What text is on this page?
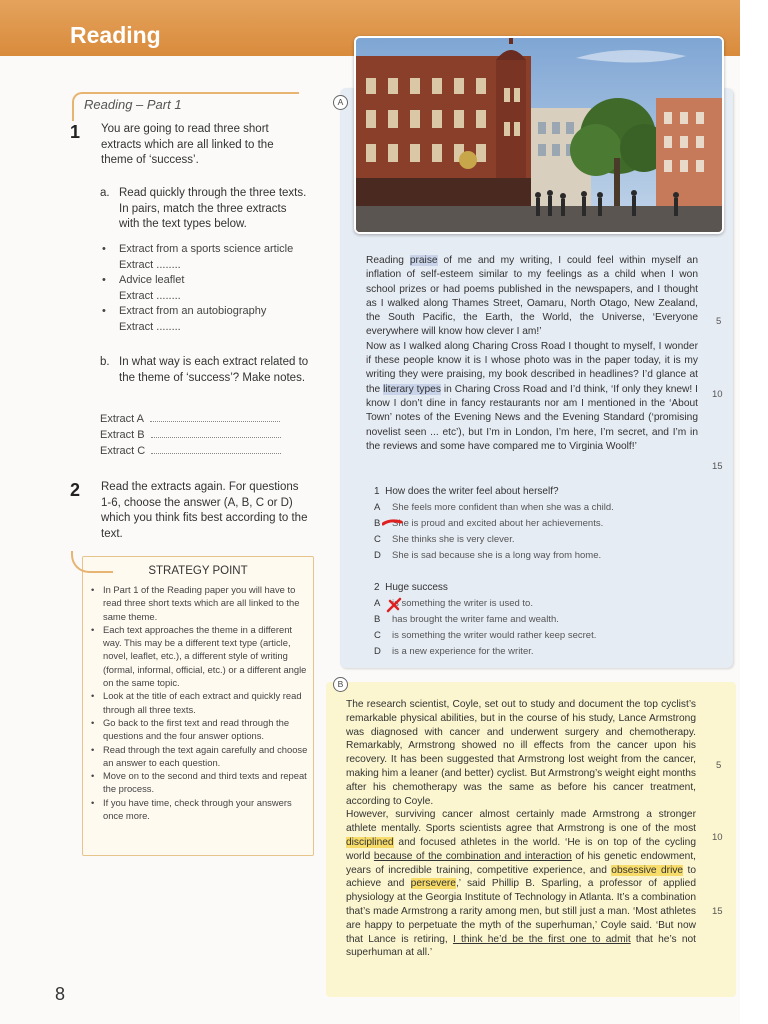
Reading
Reading – Part 1
1 You are going to read three short extracts which are all linked to the theme of ‘success’.
a. Read quickly through the three texts. In pairs, match the three extracts with the text types below.
• Extract from a sports science article
Extract ........
• Advice leaflet
Extract ........
• Extract from an autobiography
Extract ........
b. In what way is each extract related to the theme of ‘success’? Make notes.
Extract A
Extract B
Extract C
2 Read the extracts again. For questions 1-6, choose the answer (A, B, C or D) which you think fits best according to the text.
STRATEGY POINT
• In Part 1 of the Reading paper you will have to read three short texts which are all linked to the same theme.
• Each text approaches the theme in a different way. This may be a different text type (article, novel, leaflet, etc.), a different style of writing (formal, informal, official, etc.) or a different angle on the same topic.
• Look at the title of each extract and quickly read through all three texts.
• Go back to the first text and read through the questions and the four answer options.
• Read through the text again carefully and choose an answer to each question.
• Move on to the second and third texts and repeat the process.
• If you have time, check through your answers once more.
8
A
Reading praise of me and my writing, I could feel within myself an inflation of self-esteem similar to my feelings as a child when I won school prizes or had poems published in the newspapers, and I thought as I walked along Thames Street, Oamaru, North Otago, New Zealand, the South Pacific, the Earth, the World, the Universe, ‘Everyone everywhere will know how clever I am!’
Now as I walked along Charing Cross Road I thought to myself, I wonder if these people know it is I whose photo was in the paper today, it is my writing they were praising, my book described in headlines? I’d glance at the literary types in Charing Cross Road and I’d think, ‘If only they knew! I know I don’t dine in fancy restaurants nor am I mentioned in the ‘About Town’ notes of the Evening News and the Evening Standard (‘promising novelist seen ... etc’), but I’m in London, I’m here, I’m secret, and I’m in the reviews and some have compared me to Virginia Woolf!’
5
10
15
1 How does the writer feel about herself?
A She feels more confident than when she was a child.
B She is proud and excited about her achievements.
C She thinks she is very clever.
D She is sad because she is a long way from home.
2 Huge success
A is something the writer is used to.
B has brought the writer fame and wealth.
C is something the writer would rather keep secret.
D is a new experience for the writer.
B
The research scientist, Coyle, set out to study and document the top cyclist’s remarkable physical abilities, but in the course of his study, Lance Armstrong was diagnosed with cancer and underwent surgery and chemotherapy. Remarkably, Armstrong showed no ill effects from the cancer upon his recovery. It has been suggested that Armstrong lost weight from the cancer, making him a leaner (and better) cyclist. But Armstrong’s weight eight months after his chemotherapy was the same as before his cancer treatment, according to Coyle.
However, surviving cancer almost certainly made Armstrong a stronger athlete mentally. Sports scientists agree that Armstrong is one of the most disciplined and focused athletes in the world. ‘He is on top of the cycling world because of the combination and interaction of his genetic endowment, years of incredible training, competitive experience, and obsessive drive to achieve and persevere,’ said Phillip B. Sparling, a professor of applied physiology at the Georgia Institute of Technology in Atlanta. It’s a combination that’s made Armstrong a rarity among men, but still just a man. ‘Most athletes are happy to perpetuate the myth of the superhuman,’ Coyle said. ‘But now that Lance is retiring, I think he’d be the first one to admit that he’s not superhuman at all.’
5
10
15
